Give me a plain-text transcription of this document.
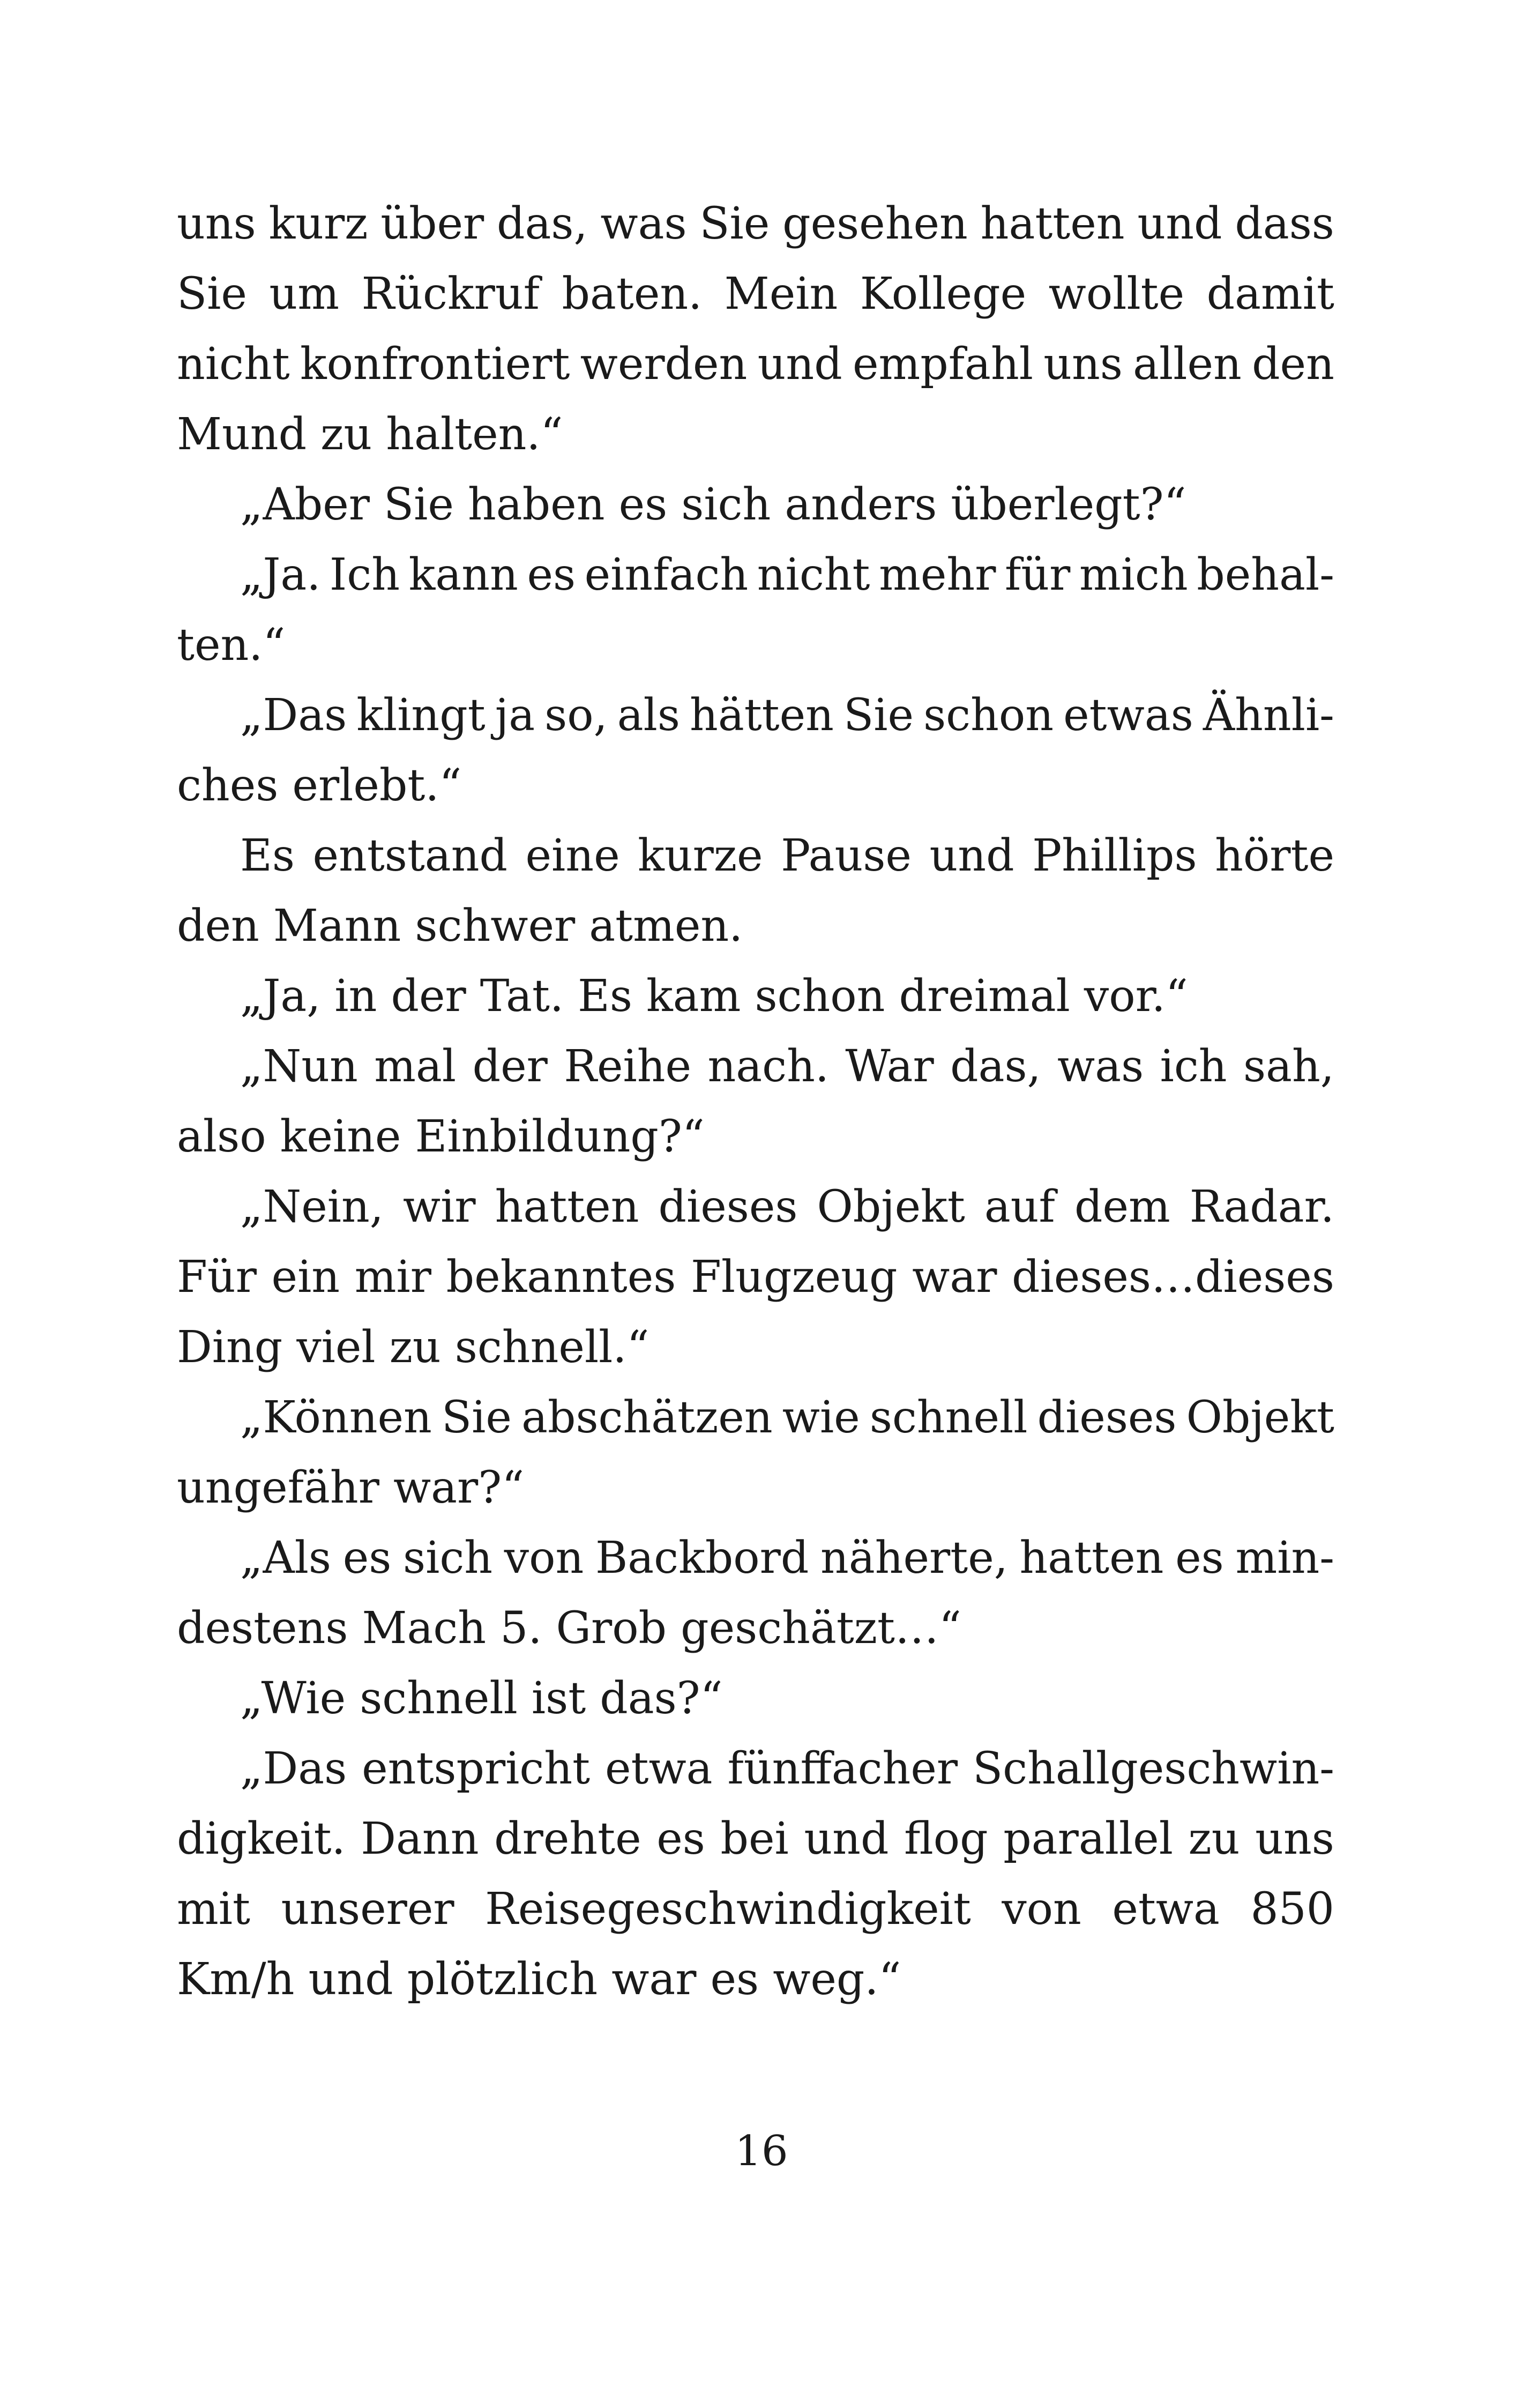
uns kurz über das, was Sie gesehen hatten und dass
Sie um Rückruf baten. Mein Kollege wollte damit
nicht konfrontiert werden und empfahl uns allen den
Mund zu halten.“
„Aber Sie haben es sich anders überlegt?“
„Ja. Ich kann es einfach nicht mehr für mich behal-
ten.“
„Das klingt ja so, als hätten Sie schon etwas Ähnli-
ches erlebt.“
Es entstand eine kurze Pause und Phillips hörte
den Mann schwer atmen.
„Ja, in der Tat. Es kam schon dreimal vor.“
„Nun mal der Reihe nach. War das, was ich sah,
also keine Einbildung?“
„Nein, wir hatten dieses Objekt auf dem Radar.
Für ein mir bekanntes Flugzeug war dieses…dieses
Ding viel zu schnell.“
„Können Sie abschätzen wie schnell dieses Objekt
ungefähr war?“
„Als es sich von Backbord näherte, hatten es min-
destens Mach 5. Grob geschätzt…“
„Wie schnell ist das?“
„Das entspricht etwa fünffacher Schallgeschwin-
digkeit. Dann drehte es bei und flog parallel zu uns
mit unserer Reisegeschwindigkeit von etwa 850
Km/h und plötzlich war es weg.“
16
